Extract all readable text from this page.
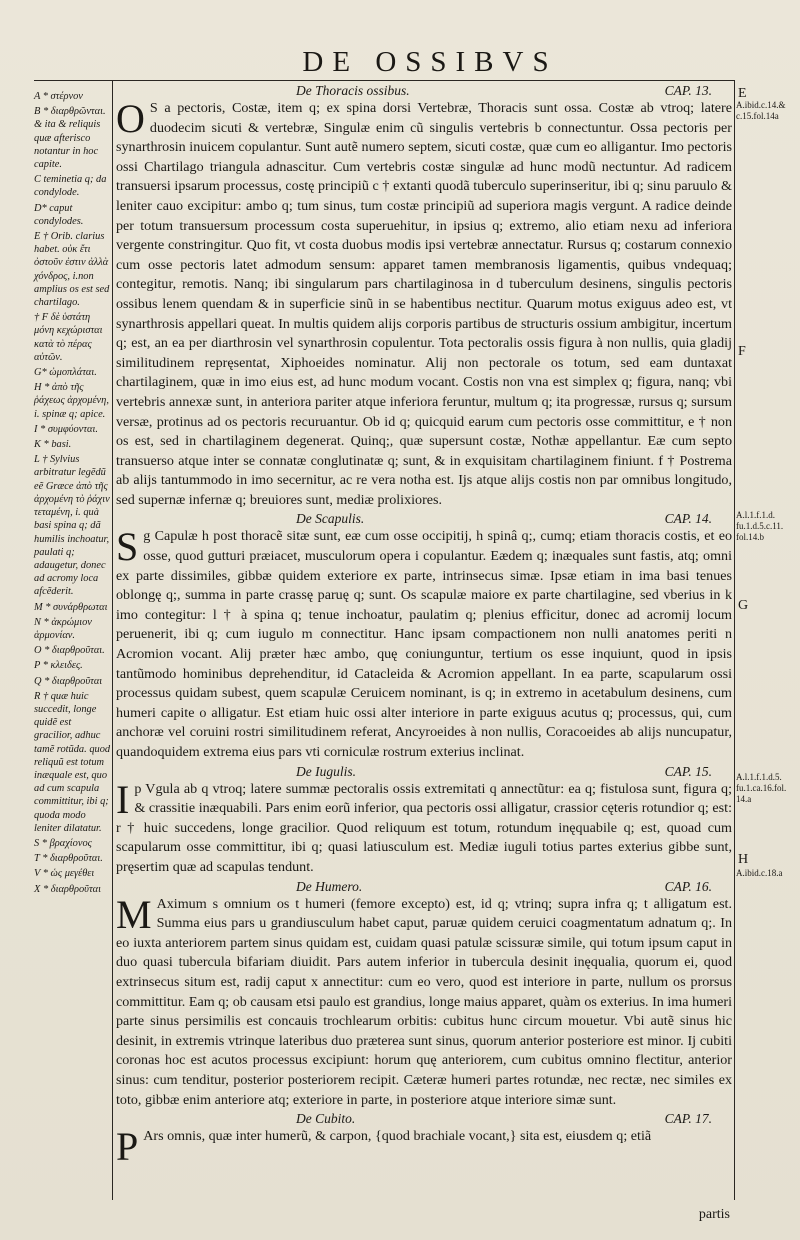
DE OSSIBVS
A * στέρνον
B * διαρθρῶνται. & ita & reliquis quæ afterisco notantur in hoc capite.
C teminetia q; da condylode.
D* caput condylodes.
E † Orib. clarius habet. οὐκ ἔτι ὀστοῦν ἐστιν ἀλλὰ χόνδρος, i.non amplius os est sed chartilago.
† F δὲ ὑστάτη μόνη κεχώρισται κατὰ τὸ πέρας αὐτῶν.
G* ὠμοπλάται.
H * ἀπὸ τῆς ῥάχεως ἀρχομένη, i. spinæ q; apice.
I * συμφύονται.
K * basi.
L † Sylvius arbitratur legẽdũ eẽ Græce ἀπὸ τῆς ἀρχομένη τὸ ῥάχιν τεταμένη, i. quà basi spina q; dã humilis inchoatur, paulati q; adaugetur, donec ad acromy loca afcẽderit.
M * συνάρθρωται
N * ἀκρώμιον ἁρμονίαν.
O * διαρθροῦται.
P * κλειδες.
Q * διαρθροῦται
R † quæ huic succedit, longe quidẽ est gracilior, adhuc tamẽ rotũda. quod reliquũ est totum inæquale est, quo ad cum scapula committitur, ibi q; quoda modo leniter dilatatur.
S * βραχίονος
T * διαρθροῦται.
V * ὡς μεγέθει
X * διαρθροῦται
De Thoracis ossibus.	CAP. 13.

O S a pectoris, Costæ, item q; ex spina dorsi Vertebræ, Thoracis sunt ossa. Costæ ab vtroq; latere duodecim sicuti & vertebræ, Singulæ enim cũ singulis vertebris b connectuntur. Ossa pectoris per synarthrosin inuicem copulantur. Sunt autẽ numero septem, sicuti costæ, quæ cum eo alligantur. Imo pectoris ossi Chartilago triangula adnascitur. Cum vertebris costæ singulæ ad hunc modũ nectuntur. Ad radicem transuersi ipsarum processus, costę principiũ c † extanti quodã tuberculo superinseritur, ibi q; sinu paruulo & leniter cauo excipitur: ambo q; tum sinus, tum costæ principiũ ad superiora magis vergunt. A radice deinde per totum transuersum processum costa superuehitur, in ipsius q; extremo, alio etiam nexu ad inferiora vergente constringitur. Quo fit, vt costa duobus modis ipsi vertebræ annectatur. Rursus q; costarum connexio cum osse pectoris latet admodum sensum: apparet tamen membranosis ligamentis, quibus vndequaq; contegitur, remotis. Nanq; ibi singularum pars chartilaginosa in d tuberculum desinens, singulis pectoris ossibus lenem quendam & in superficie sinũ in se habentibus nectitur. Quarum motus exiguus adeo est, vt synarthrosis appellari queat. In multis quidem alijs corporis partibus de structuris ossium ambigitur, incertum q; est, an ea per diarthrosin vel synarthrosin copulentur. Tota pectoralis ossis figura à non nullis, quia gladij similitudinem repręsentat, Xiphoeides nominatur. Alij non pectorale os totum, sed eam duntaxat chartilaginem, quæ in imo eius est, ad hunc modum vocant. Costis non vna est simplex q; figura, nanq; vbi vertebris annexæ sunt, in anteriora pariter atque inferiora feruntur, multum q; ita progressæ, rursus q; sursum versæ, protinus ad os pectoris recuruantur. Ob id q; quicquid earum cum pectoris osse committitur, e † non os est, sed in chartilaginem degenerat. Quinq;, quæ supersunt costæ, Nothæ appellantur. Eæ cum septo transuerso atque inter se connatæ conglutinatæ q; sunt, & in exquisitam chartilaginem finiunt. f † Postrema ab alijs tantummodo in imo secernitur, ac re vera notha est. Ijs atque alijs costis non par omnibus longitudo, sed supernæ infernæ q; breuiores sunt, mediæ prolixiores.

De Scapulis.	CAP. 14.

Sg Capulæ h post thoracẽ sitæ sunt, eæ cum osse occipitij, h spinâ q;, cumq; etiam thoracis costis, et eo osse, quod gutturi præiacet, musculorum opera i copulantur. Eædem q; inæquales sunt fastis, atq; omni ex parte dissimiles, gibbæ quidem exteriore ex parte, intrinsecus simæ. Ipsæ etiam in ima basi tenues oblongę q;, summa in parte crassę paruę q; sunt. Os scapulæ maiore ex parte chartilagine, sed vberius in k imo contegitur: l † à spina q; tenue inchoatur, paulatim q; plenius efficitur, donec ad acromij locum peruenerit, ibi q; cum iugulo m connectitur. Hanc ipsam compactionem non nulli anatomes periti n Acromion vocant. Alij præter hæc ambo, quę coniunguntur, tertium os esse inquiunt, quod in ipsis tantũmodo hominibus deprehenditur, id Catacleida & Acromion appellant. In ea parte, scapularum ossi processus quidam subest, quem scapulæ Ceruicem nominant, is q; in extremo in acetabulum desinens, cum humeri capite o alligatur. Est etiam huic ossi alter interiore in parte exiguus acutus q; processus, qui, cum anchoræ vel coruini rostri similitudinem referat, Ancyroeides à non nullis, Coracoeides ab alijs nuncupatur, quandoquidem extrema eius pars vti corniculæ rostrum exterius inclinat.

De Iugulis.	CAP. 15.

Ip Vgula ab q vtroq; latere summæ pectoralis ossis extremitati q annectũtur: ea q; fistulosa sunt, figura q; & crassitie inæquabili. Pars enim eorũ inferior, qua pectoris ossi alligatur, crassior cęteris rotundior q; est: r † huic succedens, longe gracilior. Quod reliquum est totum, rotundum inęquabile q; est, quoad cum scapularum osse committitur, ibi q; quasi latiusculum est. Mediæ iuguli totius partes exterius gibbe sunt, pręsertim quæ ad scapulas tendunt.

De Humero.	CAP. 16.

M Aximum s omnium os t humeri (femore excepto) est, id q; vtrinq; supra infra q; t alligatum est. Summa eius pars u grandiusculum habet caput, paruæ quidem ceruici coagmentatum adnatum q;. In eo iuxta anteriorem partem sinus quidam est, cuidam quasi patulæ scissuræ simile, qui totum ipsum caput in duo quasi tubercula bifariam diuidit. Pars autem inferior in tubercula desinit inęqualia, quorum ei, quod extrinsecus situm est, radij caput x annectitur: cum eo vero, quod est interiore in parte, nullum os prorsus committitur. Eam q; ob causam etsi paulo est grandius, longe maius apparet, quàm os exterius. In ima humeri parte sinus persimilis est concauis trochlearum orbitis: cubitus hunc circum mouetur. Vbi autẽ sinus hic desinit, in extremis vtrinque lateribus duo præterea sunt sinus, quorum anterior posteriore est minor. Ij cubiti coronas hoc est acutos processus excipiunt: horum quę anteriorem, cum cubitus omnino flectitur, anterior sinus: cum tenditur, posterior posteriorem recipit. Cæteræ humeri partes rotundæ, nec rectæ, nec similes ex toto, gibbæ enim anteriore atq; exteriore in parte, in posteriore atque interiore simæ sunt.

De Cubito.	CAP. 17.

P Ars omnis, quæ inter humerũ, & carpon, {quod brachiale vocant,} sita est, eiusdem q; etiã

E
F
G
H
A.ibid.c.14.& c.15.fol.14a
A.l.1.f.1.d. fu.1.d.5.c.11. fol.14.b
A.l.1.f.1.d.5. fu.1.ca.16.fol. 14.a
A.ibid.c.18.a
partis
